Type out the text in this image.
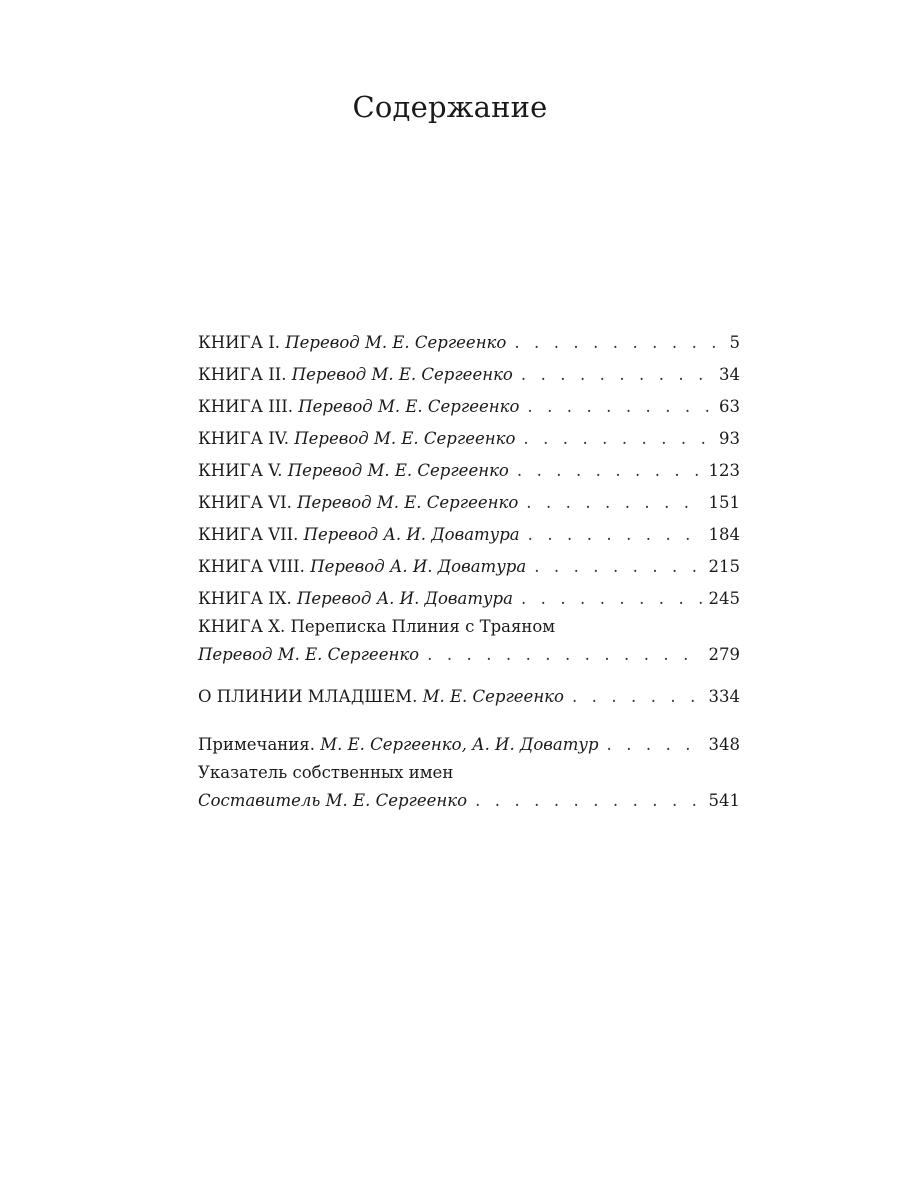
Содержание
КНИГА I. Перевод М. Е. Сергеенко . . .	5
КНИГА II. Перевод М. Е. Сергеенко . . .	34
КНИГА III. Перевод М. Е. Сергеенко . . .	63
КНИГА IV. Перевод М. Е. Сергеенко . . .	93
КНИГА V. Перевод М. Е. Сергеенко . . .	123
КНИГА VI. Перевод М. Е. Сергеенко . . .	151
КНИГА VII. Перевод А. И. Доватура . . .	184
КНИГА VIII. Перевод А. И. Доватура . . .	215
КНИГА IX. Перевод А. И. Доватура . . .	245
КНИГА X. Переписка Плиния с Траяном
Перевод М. Е. Сергеенко . . .	279
О ПЛИНИИ МЛАДШЕМ. М. Е. Сергеенко . . .	334
Примечания. М. Е. Сергеенко, А. И. Доватур . . .	348
Указатель собственных имен
Составитель М. Е. Сергеенко . . .	541
